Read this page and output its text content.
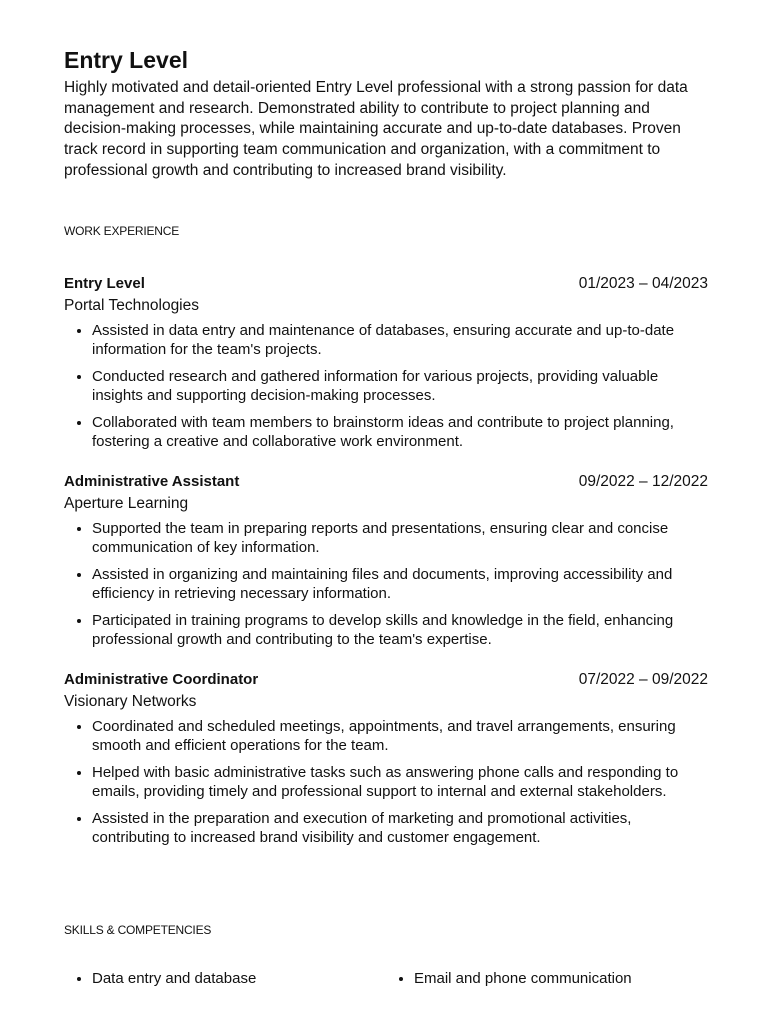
Entry Level

Highly motivated and detail-oriented Entry Level professional with a strong passion for data management and research. Demonstrated ability to contribute to project planning and decision-making processes, while maintaining accurate and up-to-date databases. Proven track record in supporting team communication and organization, with a commitment to professional growth and contributing to increased brand visibility.

WORK EXPERIENCE

Entry Level	01/2023 – 04/2023
Portal Technologies
• Assisted in data entry and maintenance of databases, ensuring accurate and up-to-date information for the team's projects.
• Conducted research and gathered information for various projects, providing valuable insights and supporting decision-making processes.
• Collaborated with team members to brainstorm ideas and contribute to project planning, fostering a creative and collaborative work environment.
Administrative Assistant	09/2022 – 12/2022
Aperture Learning
• Supported the team in preparing reports and presentations, ensuring clear and concise communication of key information.
• Assisted in organizing and maintaining files and documents, improving accessibility and efficiency in retrieving necessary information.
• Participated in training programs to develop skills and knowledge in the field, enhancing professional growth and contributing to the team's expertise.
Administrative Coordinator	07/2022 – 09/2022
Visionary Networks
• Coordinated and scheduled meetings, appointments, and travel arrangements, ensuring smooth and efficient operations for the team.
• Helped with basic administrative tasks such as answering phone calls and responding to emails, providing timely and professional support to internal and external stakeholders.
• Assisted in the preparation and execution of marketing and promotional activities, contributing to increased brand visibility and customer engagement.

SKILLS & COMPETENCIES

• Data entry and database	• Email and phone communication
